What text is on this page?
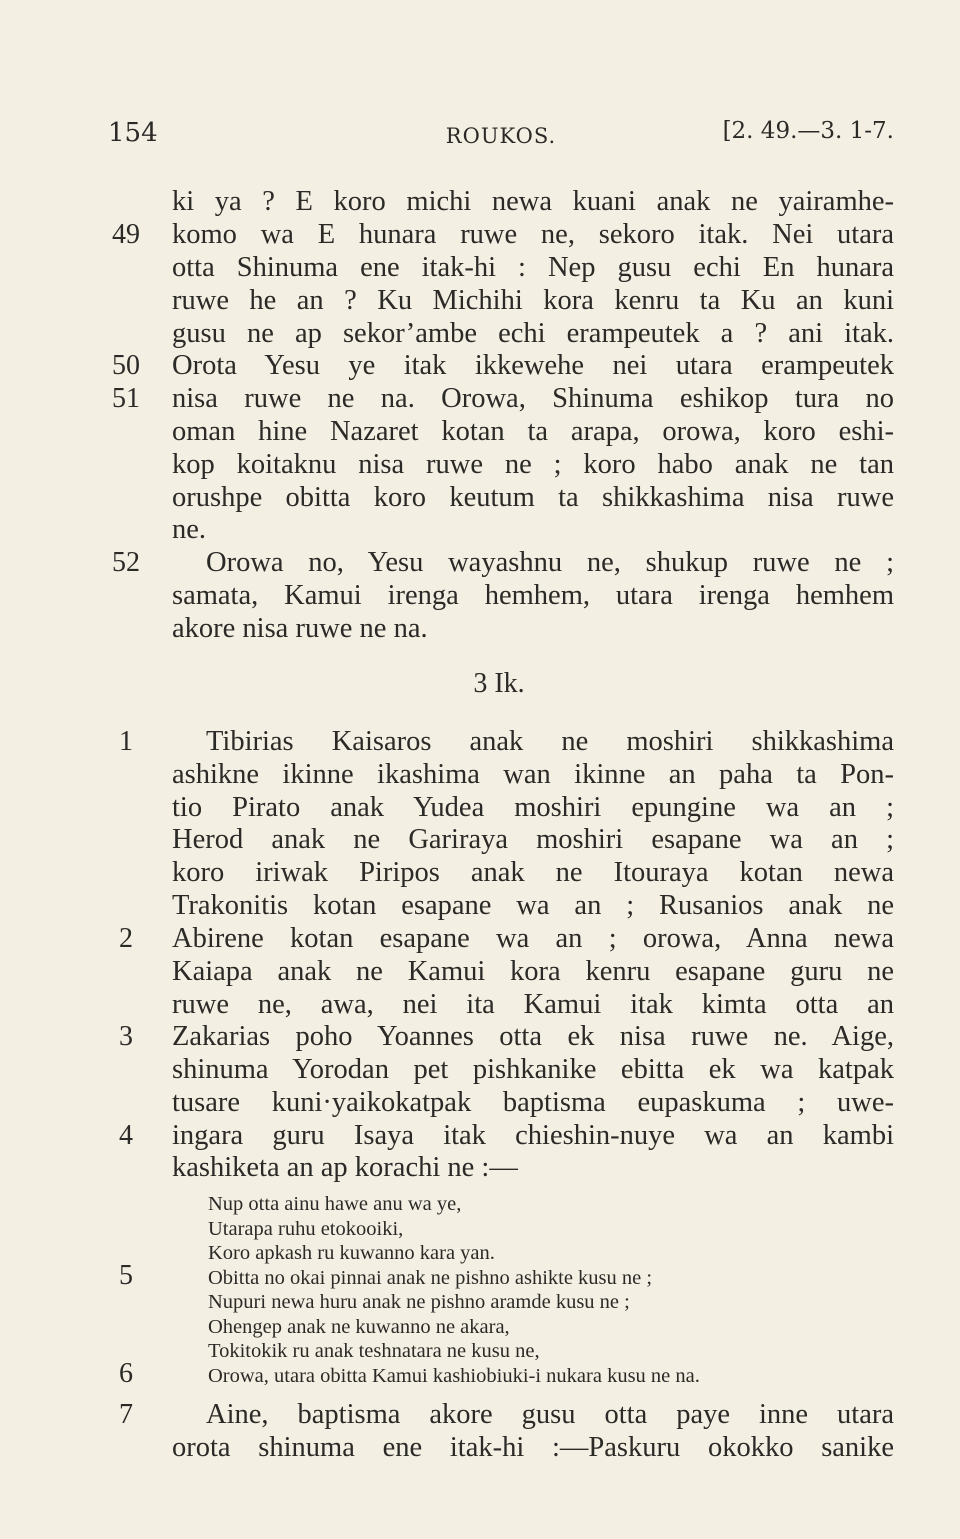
154	ROUKOS.	[2. 49.—3. 1-7.
ki ya ? E koro michi newa kuani anak ne yairamhe-
komo wa E hunara ruwe ne, sekoro itak. Nei utara
otta Shinuma ene itak-hi : Nep gusu echi En hunara
ruwe he an ? Ku Michihi kora kenru ta Ku an kuni
gusu ne ap sekor’ambe echi erampeutek a ? ani itak.
Orota Yesu ye itak ikkewehe nei utara erampeutek
nisa ruwe ne na. Orowa, Shinuma eshikop tura no
oman hine Nazaret kotan ta arapa, orowa, koro eshi-
kop koitaknu nisa ruwe ne ; koro habo anak ne tan
orushpe obitta koro keutum ta shikkashima nisa ruwe
ne.
Orowa no, Yesu wayashnu ne, shukup ruwe ne ;
samata, Kamui irenga hemhem, utara irenga hemhem
akore nisa ruwe ne na.
49
50
51
52
3 Ik.
Tibirias Kaisaros anak ne moshiri shikkashima
ashikne ikinne ikashima wan ikinne an paha ta Pon-
tio Pirato anak Yudea moshiri epungine wa an ;
Herod anak ne Gariraya moshiri esapane wa an ;
koro iriwak Piripos anak ne Itouraya kotan newa
Trakonitis kotan esapane wa an ; Rusanios anak ne
Abirene kotan esapane wa an ; orowa, Anna newa
Kaiapa anak ne Kamui kora kenru esapane guru ne
ruwe ne, awa, nei ita Kamui itak kimta otta an
Zakarias poho Yoannes otta ek nisa ruwe ne. Aige,
shinuma Yorodan pet pishkanike ebitta ek wa katpak
tusare kuni·yaikokatpak baptisma eupaskuma ; uwe-
ingara guru Isaya itak chieshin-nuye wa an kambi
kashiketa an ap korachi ne :—
1
2
3
4
Nup otta ainu hawe anu wa ye,
Utarapa ruhu etokooiki,
Koro apkash ru kuwanno kara yan.
Obitta no okai pinnai anak ne pishno ashikte kusu ne ;
Nupuri newa huru anak ne pishno aramde kusu ne ;
Ohengep anak ne kuwanno ne akara,
Tokitokik ru anak teshnatara ne kusu ne,
Orowa, utara obitta Kamui kashiobiuki-i nukara kusu ne na.
5
6
Aine, baptisma akore gusu otta paye inne utara
orota shinuma ene itak-hi :—Paskuru okokko sanike
7
